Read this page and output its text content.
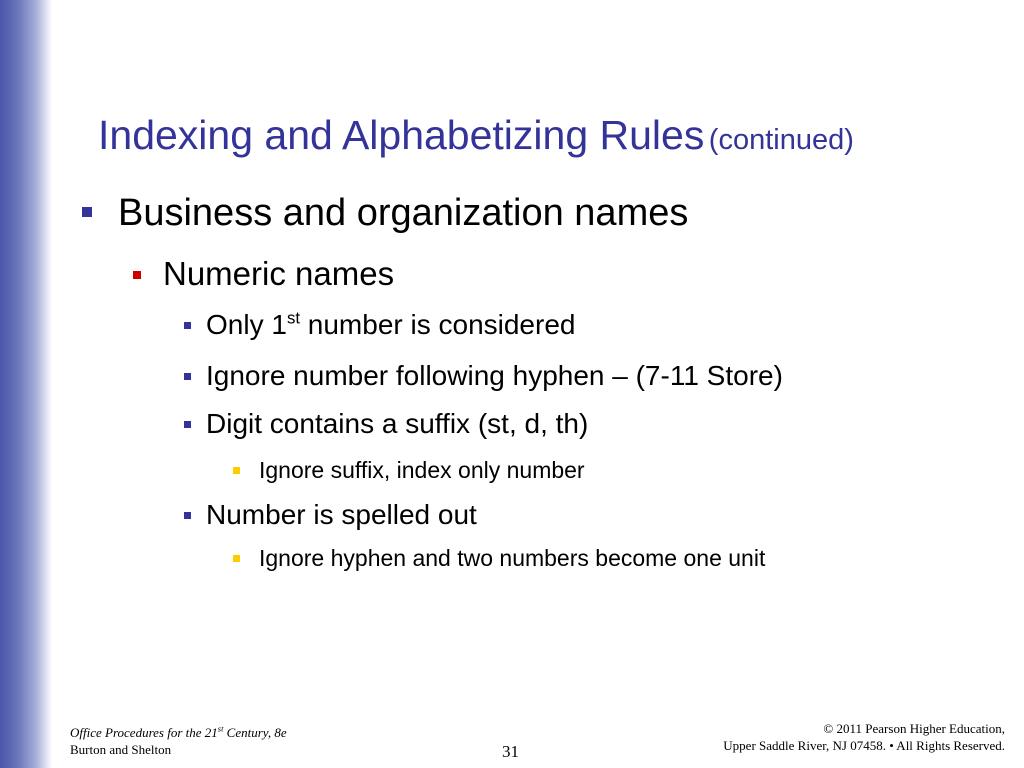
Indexing and Alphabetizing Rules (continued)
Business and organization names
Numeric names
Only 1st number is considered
Ignore number following hyphen – (7-11 Store)
Digit contains a suffix (st, d, th)
Ignore suffix, index only number
Number is spelled out
Ignore hyphen and two numbers become one unit
Office Procedures for the 21st Century, 8e
Burton and Shelton	31
© 2011 Pearson Higher Education,
Upper Saddle River, NJ 07458. • All Rights Reserved.
